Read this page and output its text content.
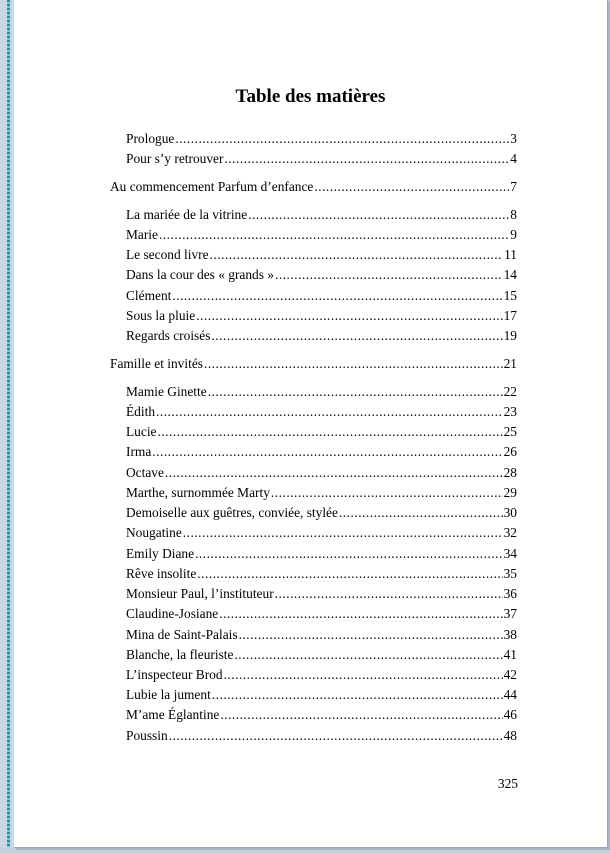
Table des matières
Prologue .....	3
Pour s’y retrouver .....	4
Au commencement Parfum d’enfance .....	7
La mariée de la vitrine .....	8
Marie .....	9
Le second livre .....	11
Dans la cour des « grands » .....	14
Clément .....	15
Sous la pluie .....	17
Regards croisés .....	19
Famille et invités .....	21
Mamie Ginette .....	22
Édith .....	23
Lucie .....	25
Irma .....	26
Octave .....	28
Marthe, surnommée Marty .....	29
Demoiselle aux guêtres, conviée, stylée .....	30
Nougatine .....	32
Emily Diane .....	34
Rêve insolite .....	35
Monsieur Paul, l’instituteur .....	36
Claudine-Josiane .....	37
Mina de Saint-Palais .....	38
Blanche, la fleuriste .....	41
L’inspecteur Brod .....	42
Lubie la jument .....	44
M’ame Églantine .....	46
Poussin .....	48
325
